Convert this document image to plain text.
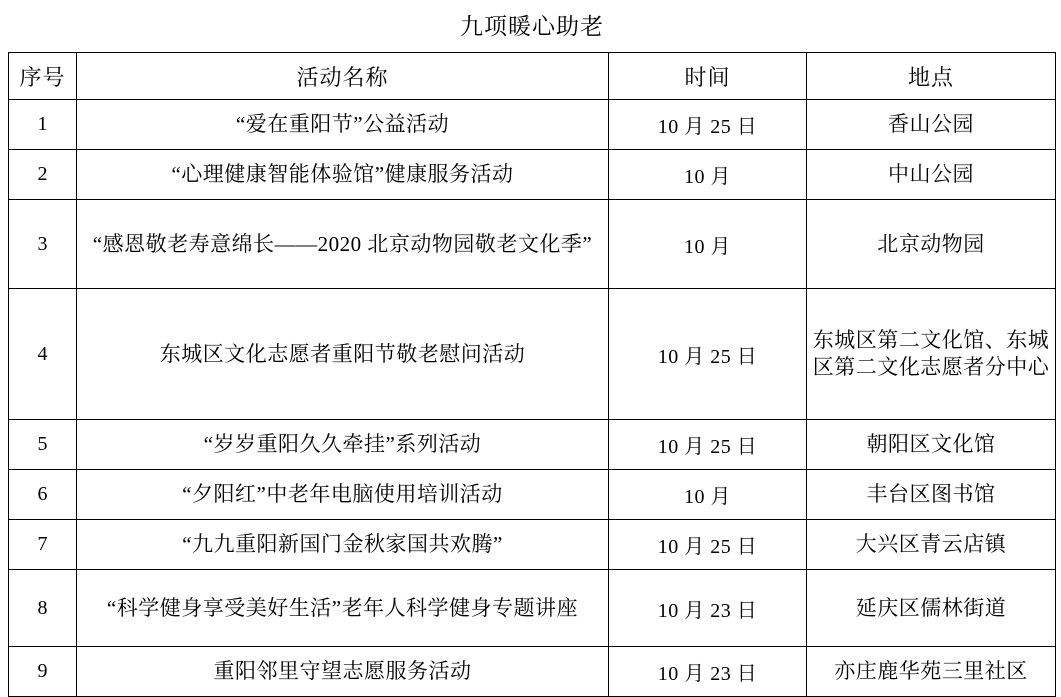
九项暖心助老			
序号	活动名称	时间	地点
1	“爱在重阳节”公益活动	10 月 25 日	香山公园
2	“心理健康智能体验馆”健康服务活动	10 月	中山公园
3	“感恩敬老寿意绵长——2020 北京动物园敬老文化季”	10 月	北京动物园
4	东城区文化志愿者重阳节敬老慰问活动	10 月 25 日	东城区第二文化馆、东城区第二文化志愿者分中心
5	“岁岁重阳久久牵挂”系列活动	10 月 25 日	朝阳区文化馆
6	“夕阳红”中老年电脑使用培训活动	10 月	丰台区图书馆
7	“九九重阳新国门金秋家国共欢腾”	10 月 25 日	大兴区青云店镇
8	“科学健身享受美好生活”老年人科学健身专题讲座	10 月 23 日	延庆区儒林街道
9	重阳邻里守望志愿服务活动	10 月 23 日	亦庄鹿华苑三里社区
